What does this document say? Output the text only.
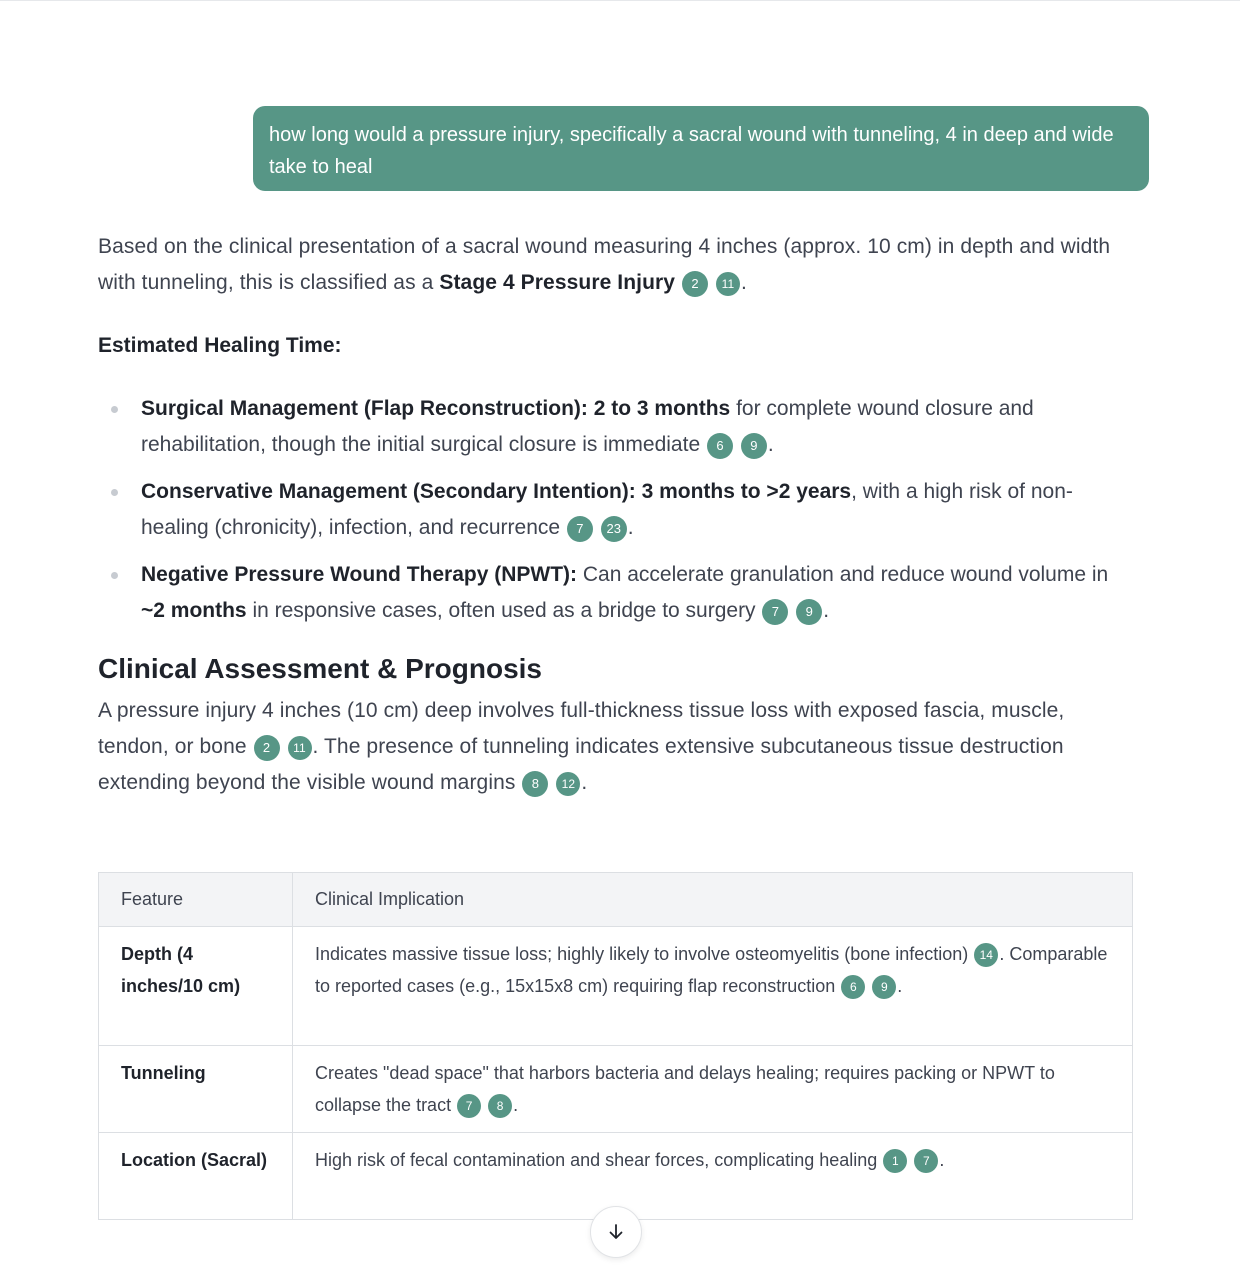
how long would a pressure injury, specifically a sacral wound with tunneling, 4 in deep and wide take to heal

Based on the clinical presentation of a sacral wound measuring 4 inches (approx. 10 cm) in depth and width with tunneling, this is classified as a Stage 4 Pressure Injury 2 11 .

Estimated Healing Time:
Surgical Management (Flap Reconstruction): 2 to 3 months for complete wound closure and rehabilitation, though the initial surgical closure is immediate 6 9 .
Conservative Management (Secondary Intention): 3 months to >2 years, with a high risk of non-healing (chronicity), infection, and recurrence 7 23 .
Negative Pressure Wound Therapy (NPWT): Can accelerate granulation and reduce wound volume in ~2 months in responsive cases, often used as a bridge to surgery 7 9 .
Clinical Assessment & Prognosis

A pressure injury 4 inches (10 cm) deep involves full-thickness tissue loss with exposed fascia, muscle, tendon, or bone 2 11 . The presence of tunneling indicates extensive subcutaneous tissue destruction extending beyond the visible wound margins 8 12 .

Feature	Clinical Implication
Depth (4 inches/10 cm)	Indicates massive tissue loss; highly likely to involve osteomyelitis (bone infection) 14 . Comparable to reported cases (e.g., 15x15x8 cm) requiring flap reconstruction 6 9 .
Tunneling	Creates "dead space" that harbors bacteria and delays healing; requires packing or NPWT to collapse the tract 7 8 .
Location (Sacral)	High risk of fecal contamination and shear forces, complicating healing 1 7 .
